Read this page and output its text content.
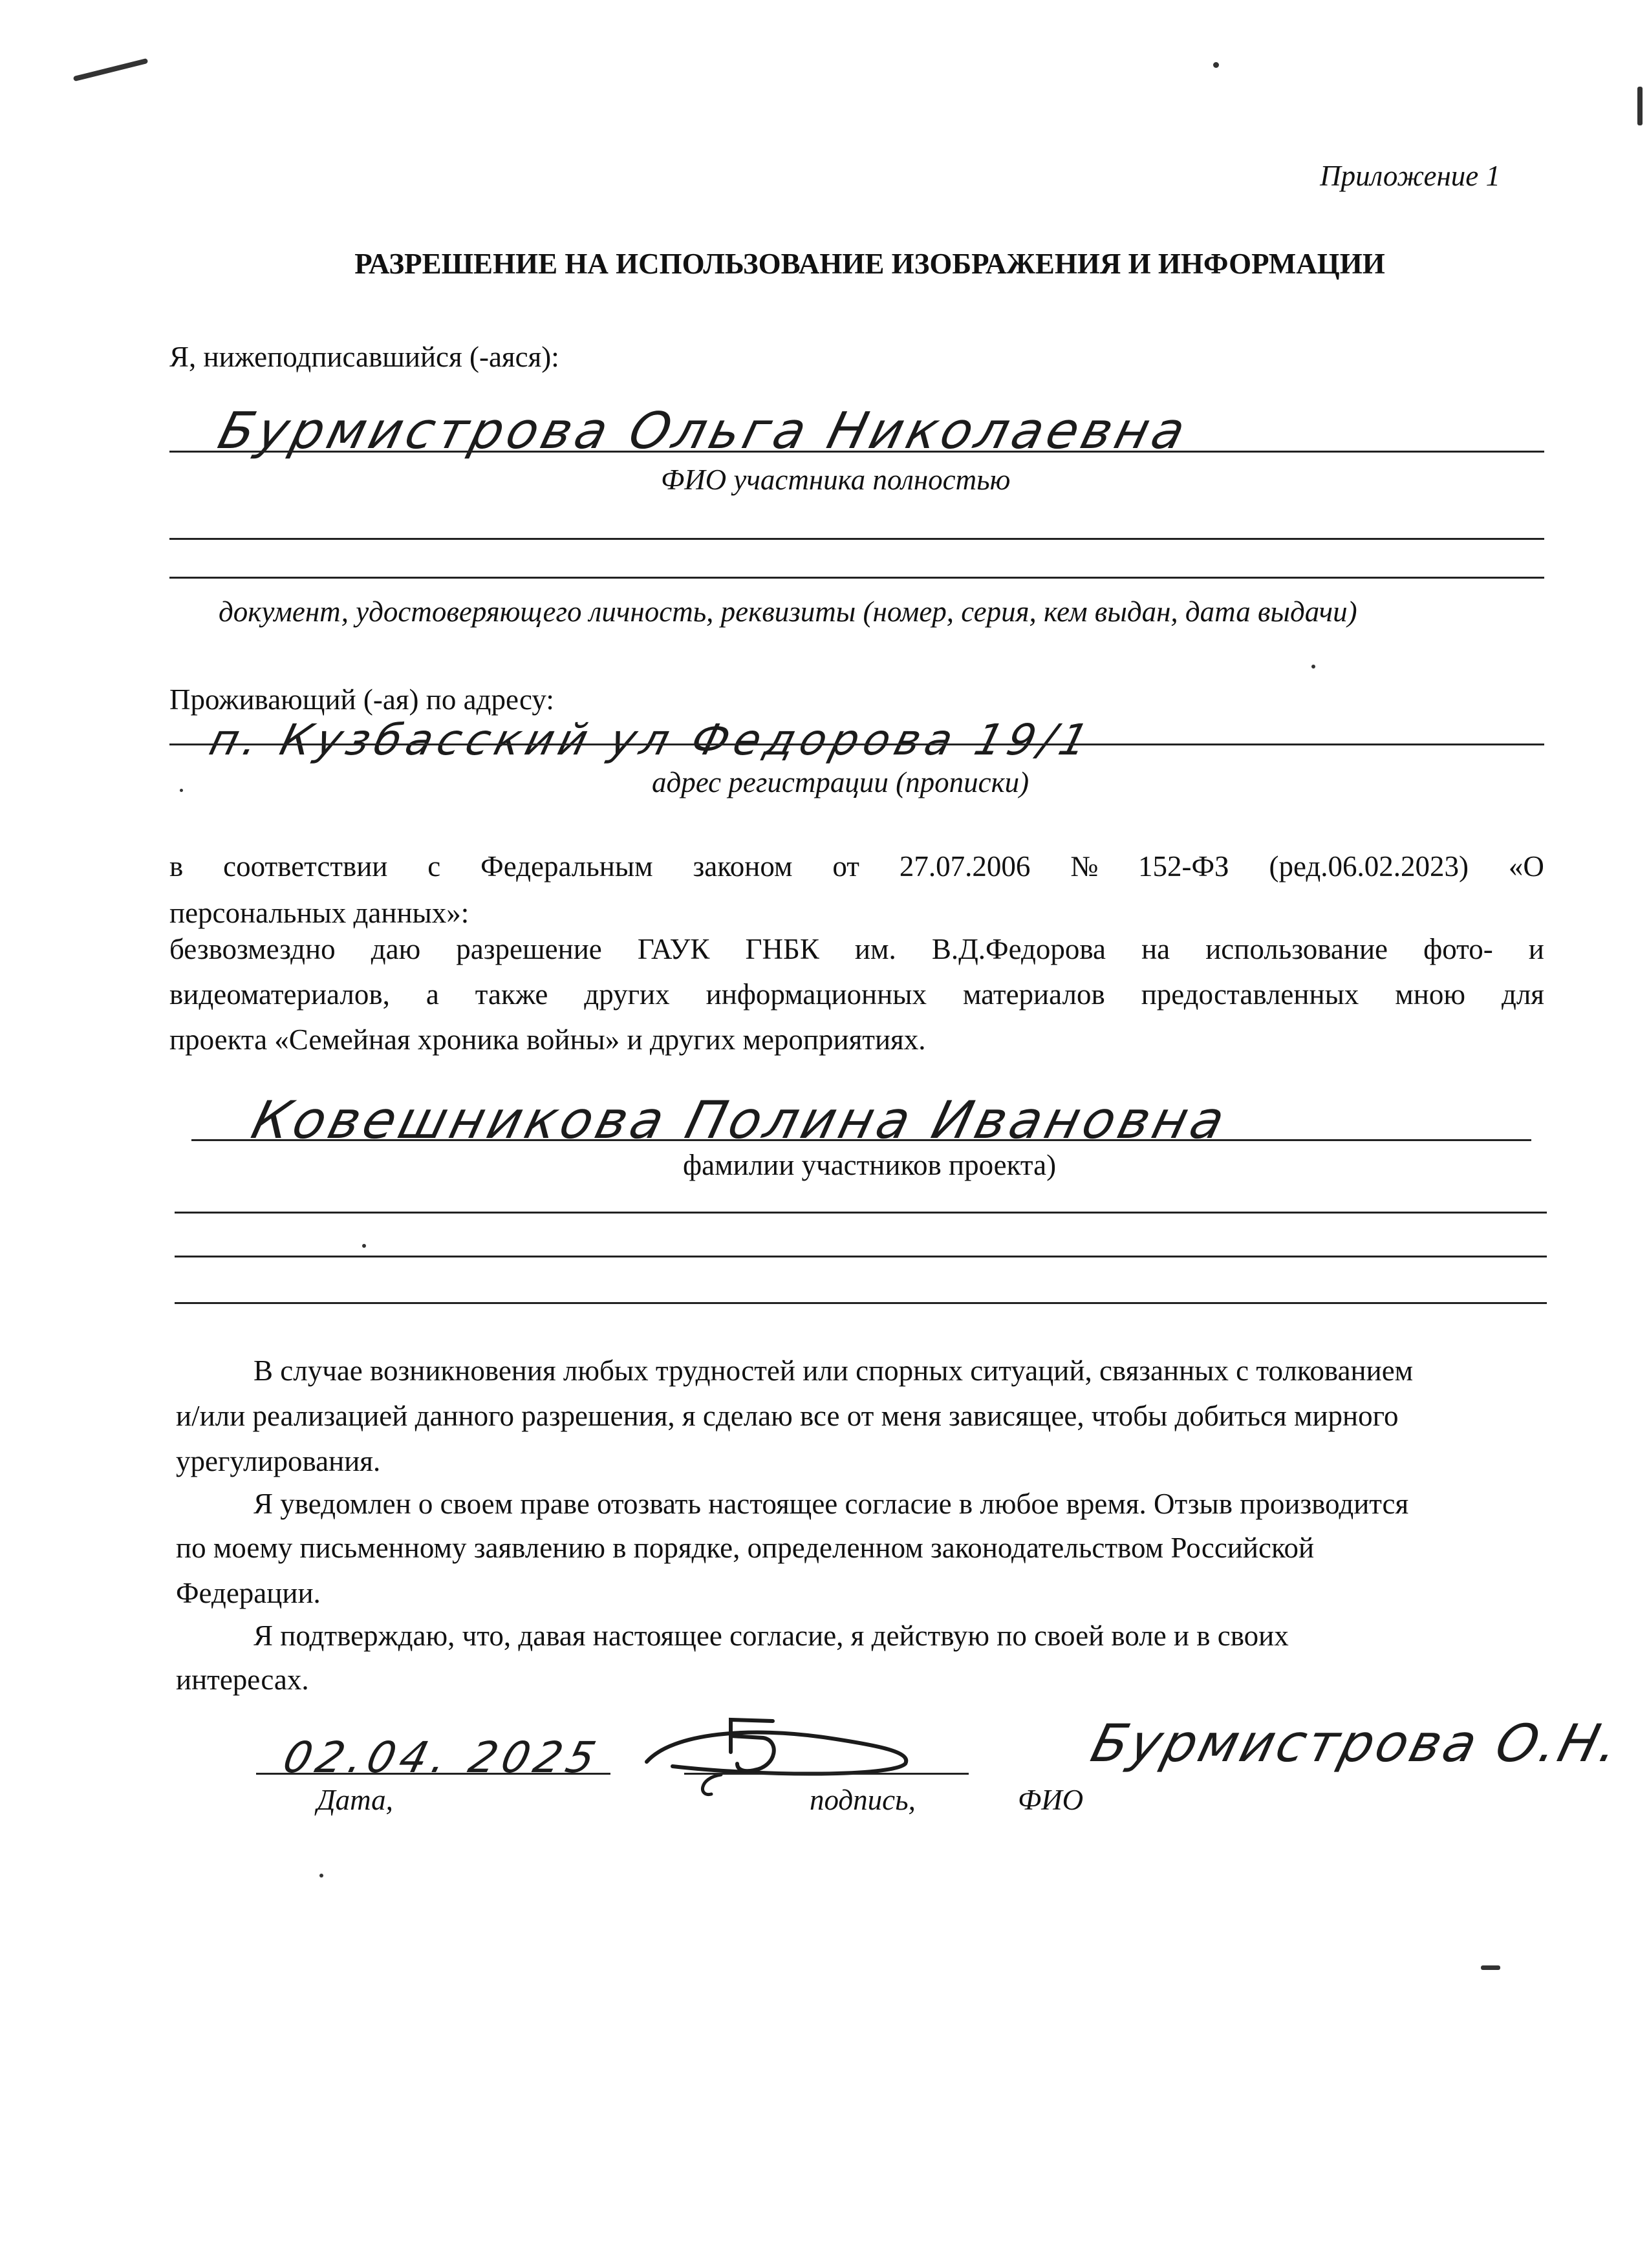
Приложение 1
РАЗРЕШЕНИЕ НА ИСПОЛЬЗОВАНИЕ ИЗОБРАЖЕНИЯ И ИНФОРМАЦИИ
Я, нижеподписавшийся (-аяся):
Бурмистрова Ольга Николаевна
ФИО участника полностью
документ, удостоверяющего личность, реквизиты (номер, серия, кем выдан, дата выдачи)
Проживающий (-ая) по адресу:
п. Кузбасский ул Федорова 19/1
адрес регистрации (прописки)
в соответствии с Федеральным законом от 27.07.2006 № 152-ФЗ (ред.06.02.2023) «О
персональных данных»:
безвозмездно даю разрешение ГАУК ГНБК им. В.Д.Федорова на использование фото- и
видеоматериалов, а также других информационных материалов предоставленных мною для
проекта «Семейная хроника войны» и других мероприятиях.
Ковешникова Полина Ивановна
фамилии участников проекта)
В случае возникновения любых трудностей или спорных ситуаций, связанных с толкованием
и/или реализацией данного разрешения, я сделаю все от меня зависящее, чтобы добиться мирного
урегулирования.
Я уведомлен о своем праве отозвать настоящее согласие в любое время. Отзыв производится
по моему письменному заявлению в порядке, определенном законодательством Российской
Федерации.
Я подтверждаю, что, давая настоящее согласие, я действую по своей воле и в своих
интересах.
02.04. 2025
Дата,	подпись,	ФИО
Бурмистрова О.Н.
